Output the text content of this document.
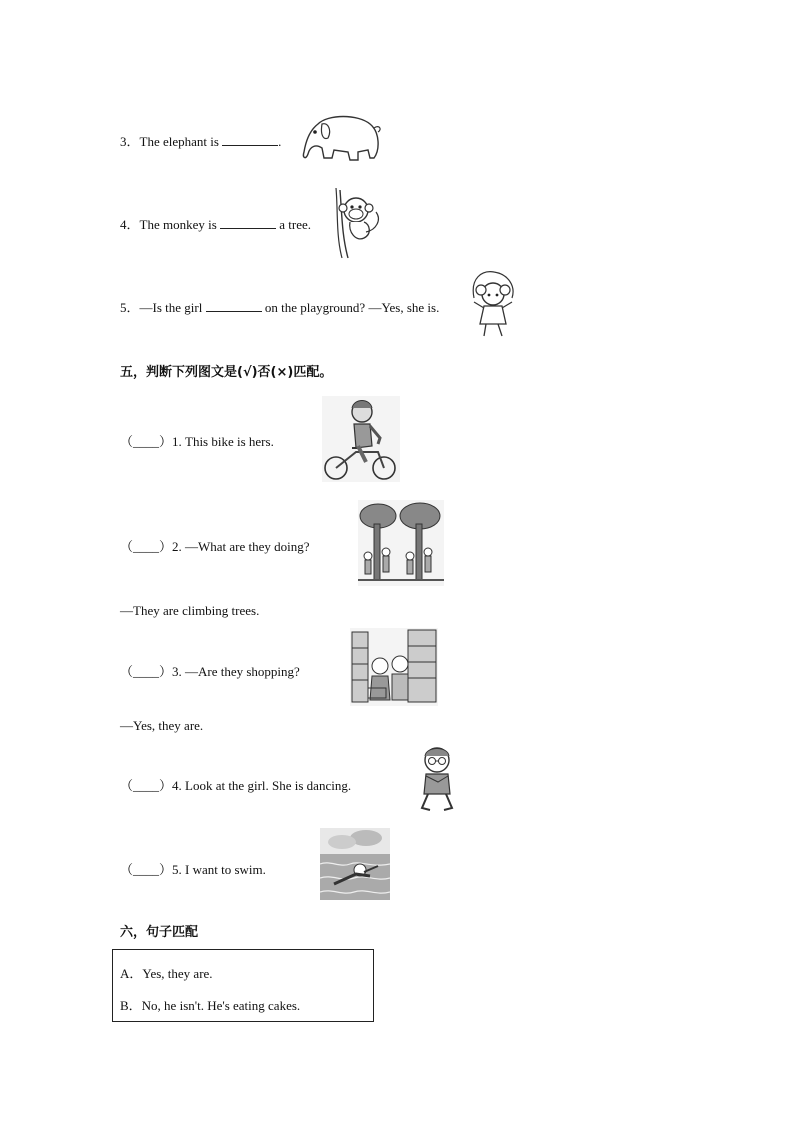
3．The elephant is	.
4．The monkey is	a tree.
5．—Is the girl	on the playground? —Yes, she is.
五，判断下列图文是(√)否(×)匹配。
（____）1. This bike is hers.
（____）2. —What are they doing?
—They are climbing trees.
（____）3. —Are they shopping?
—Yes, they are.
（____）4. Look at the girl. She is dancing.
（____）5. I want to swim.
六，句子匹配
A．Yes, they are.
B．No, he isn't. He's eating cakes.
